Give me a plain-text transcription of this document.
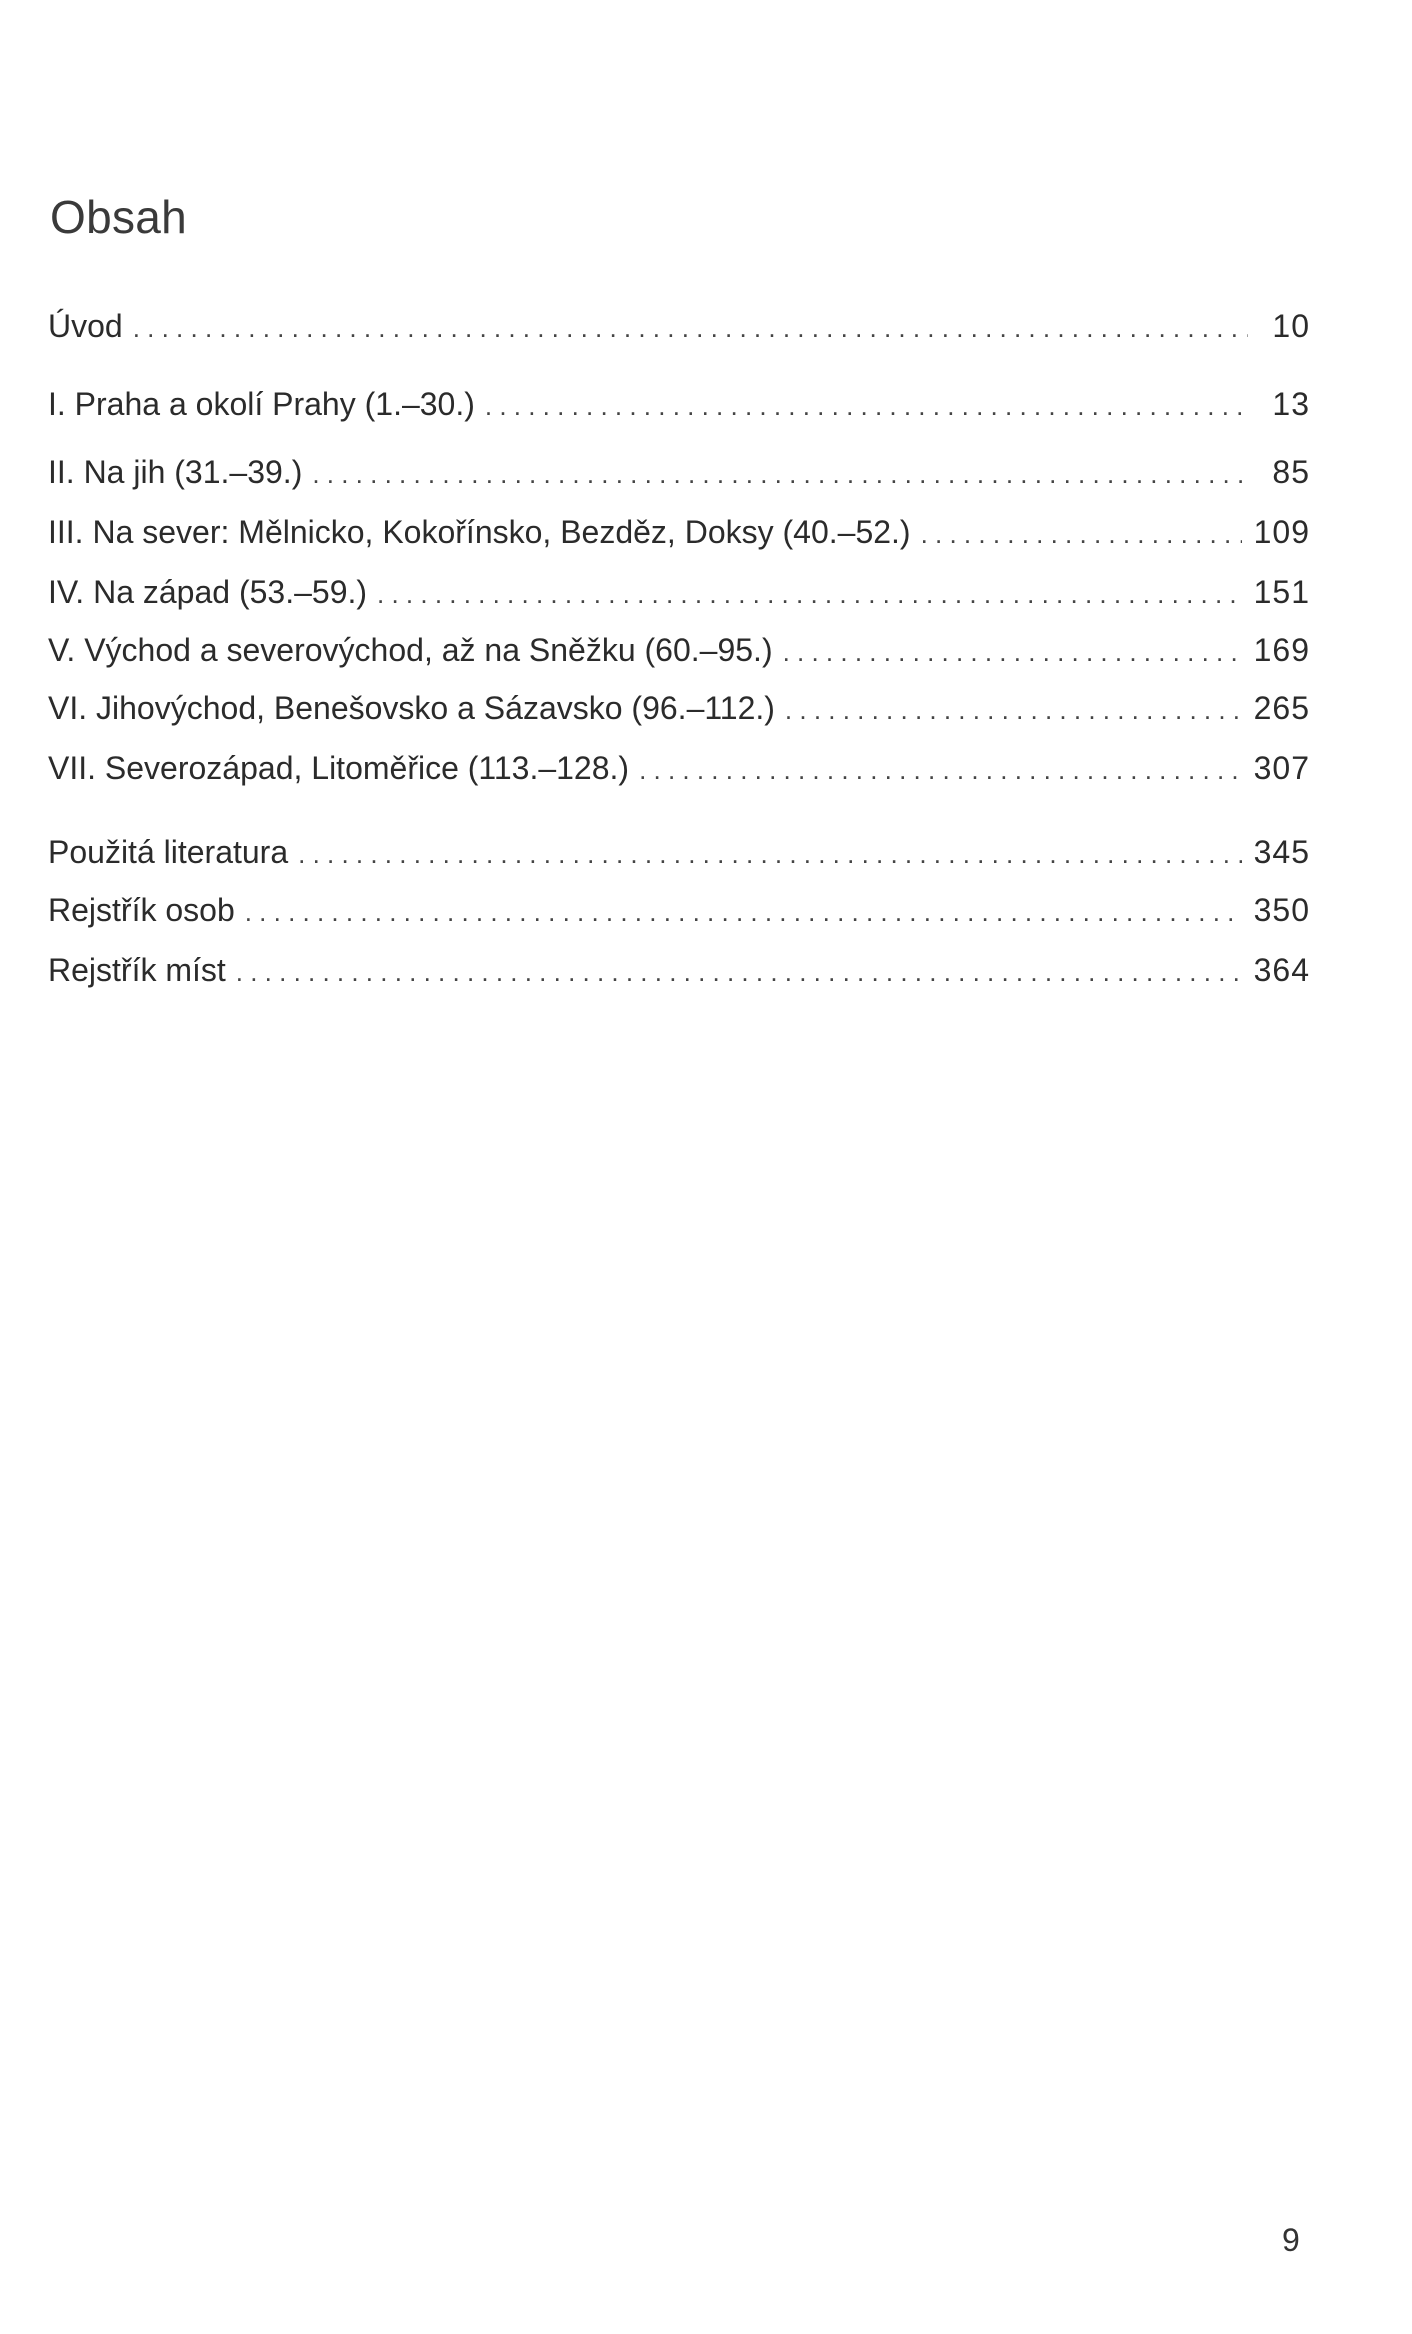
Obsah
Úvod . . .	10
I. Praha a okolí Prahy (1.–30.) . . .	13
II. Na jih (31.–39.) . . .	85
III. Na sever: Mělnicko, Kokořínsko, Bezděz, Doksy (40.–52.) . . .	109
IV. Na západ (53.–59.) . . .	151
V. Východ a severovýchod, až na Sněžku (60.–95.) . . .	169
VI. Jihovýchod, Benešovsko a Sázavsko (96.–112.) . . .	265
VII. Severozápad, Litoměřice (113.–128.) . . .	307
Použitá literatura . . .	345
Rejstřík osob . . .	350
Rejstřík míst . . .	364
9
